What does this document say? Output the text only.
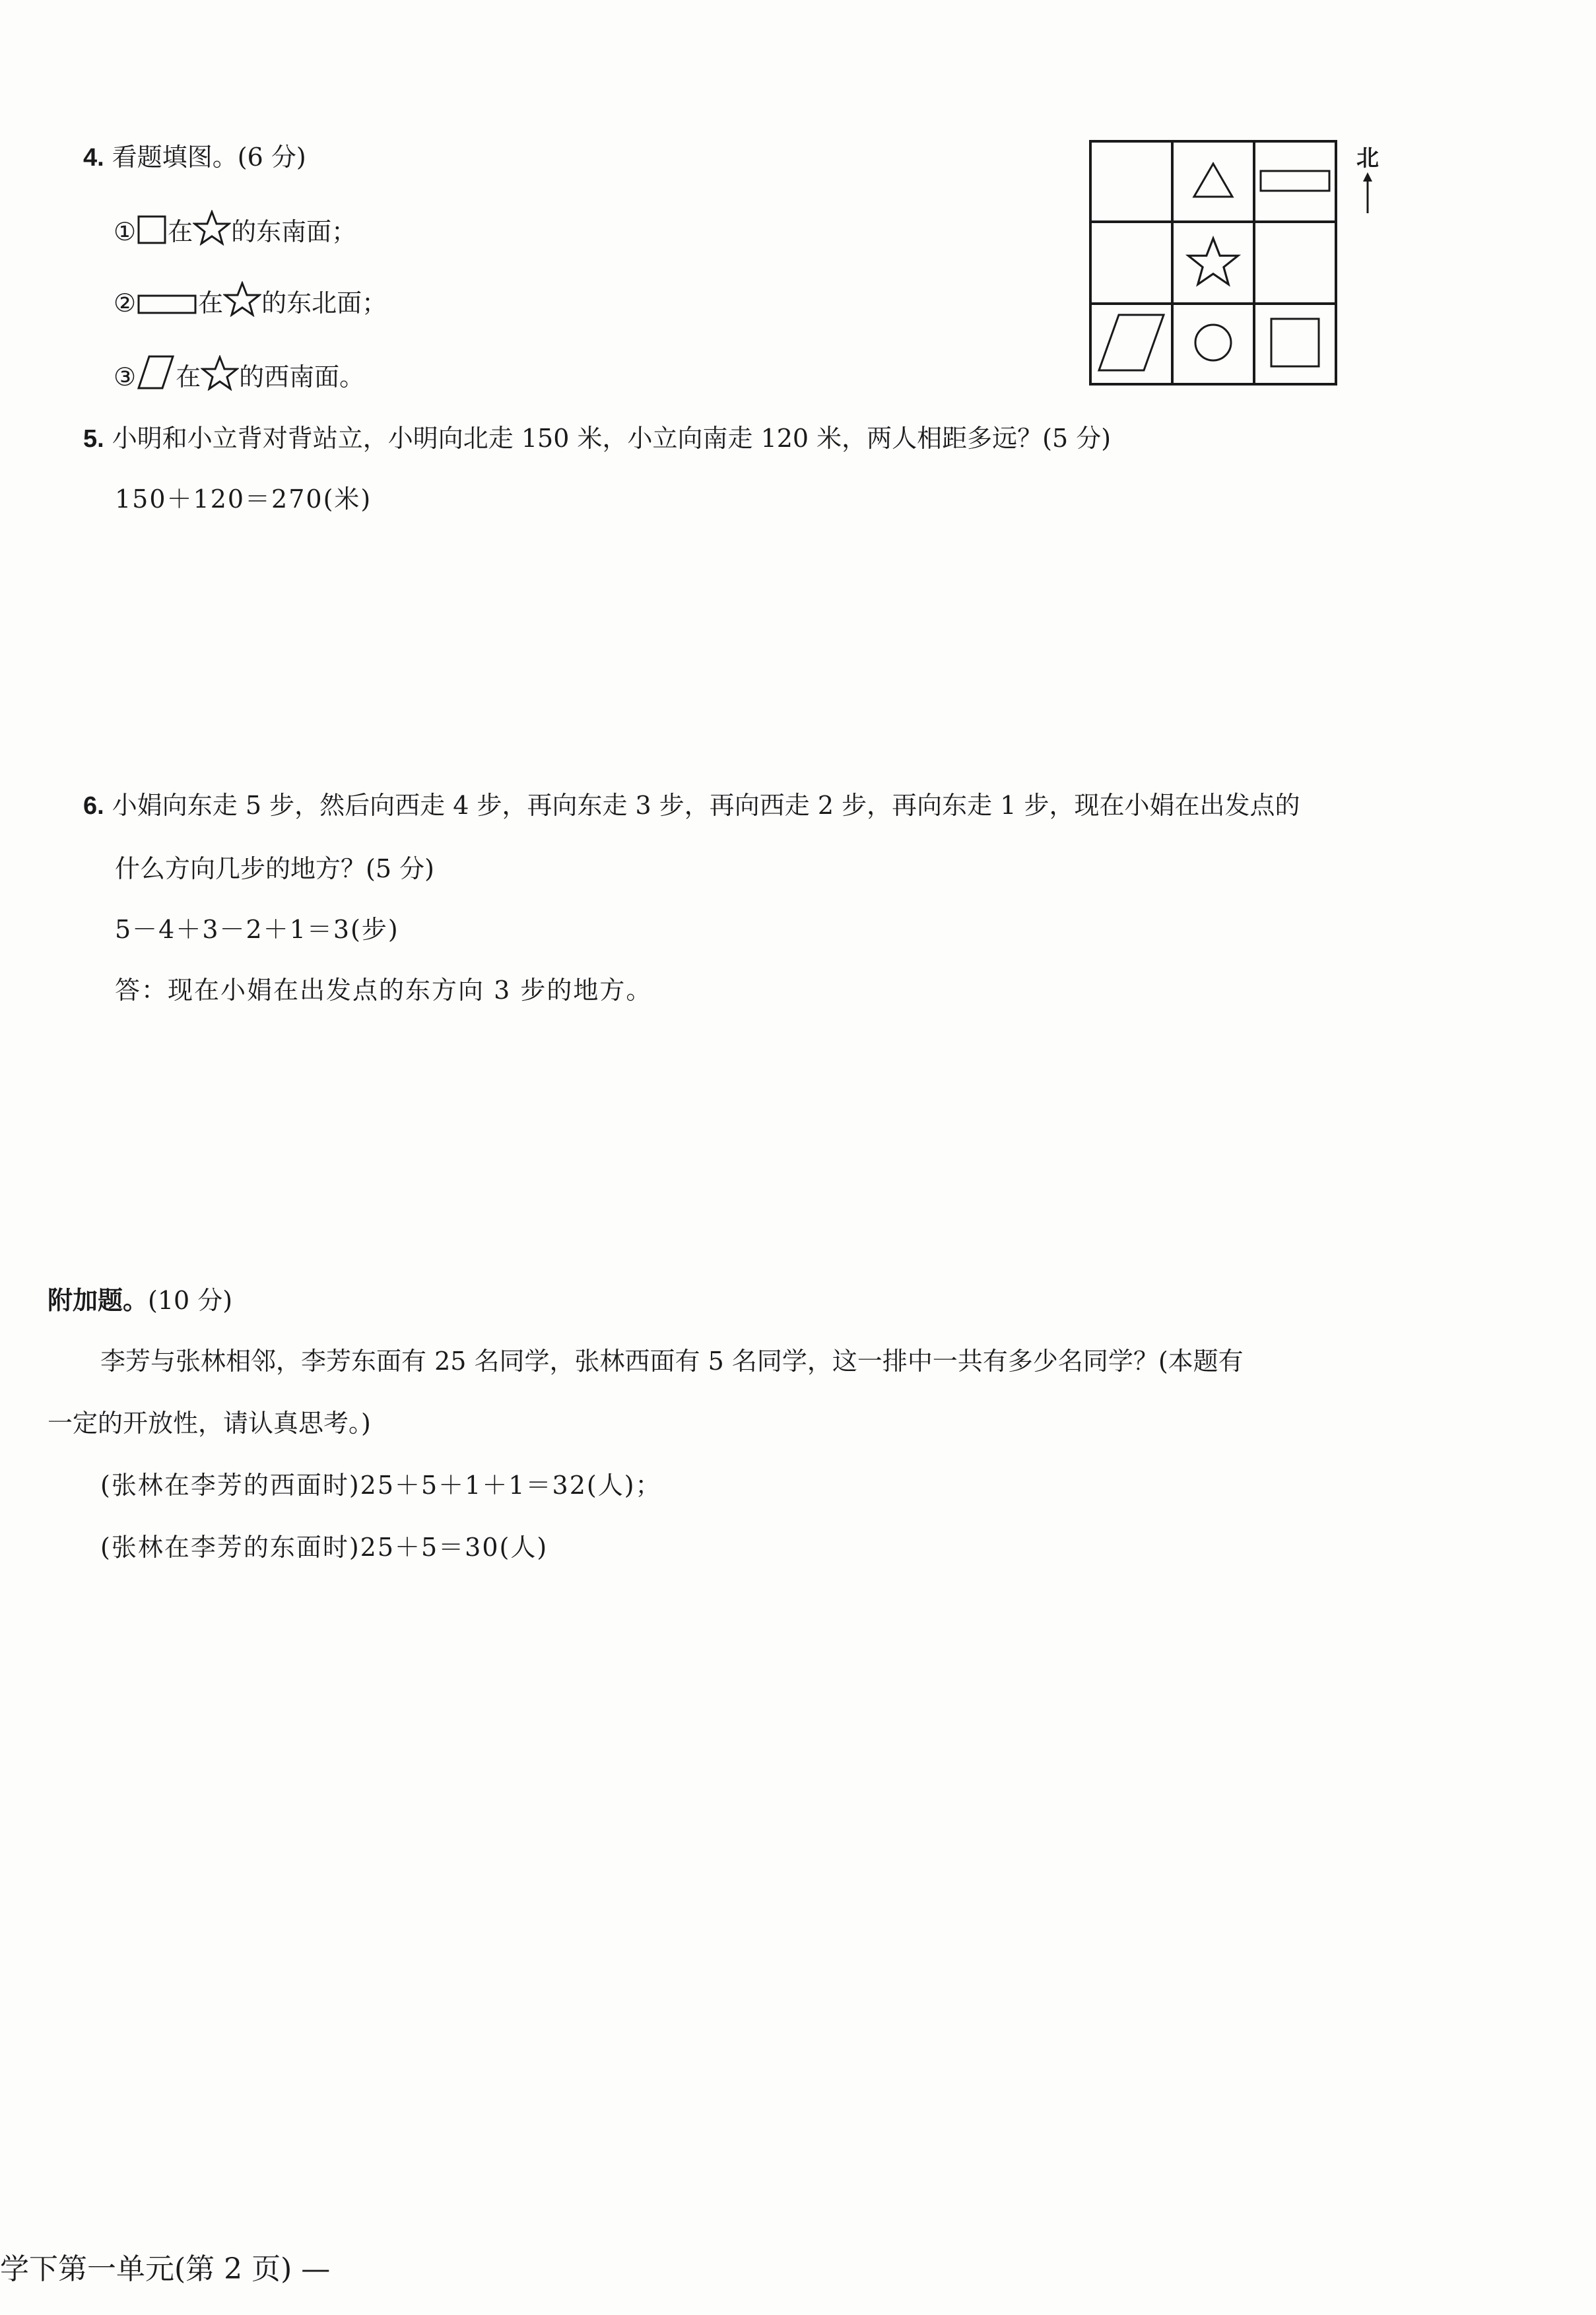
4. 看题填图。(6 分)
① 在 的东南面；
② 在 的东北面；
③ 在 的西南面。
北
5. 小明和小立背对背站立，小明向北走 150 米，小立向南走 120 米，两人相距多远？(5 分)
150＋120＝270(米)
6. 小娟向东走 5 步，然后向西走 4 步，再向东走 3 步，再向西走 2 步，再向东走 1 步，现在小娟在出发点的
什么方向几步的地方？(5 分)
5－4＋3－2＋1＝3(步)
答：现在小娟在出发点的东方向 3 步的地方。
附加题。(10 分)
李芳与张林相邻，李芳东面有 25 名同学，张林西面有 5 名同学，这一排中一共有多少名同学？(本题有
一定的开放性，请认真思考。)
(张林在李芳的西面时)25＋5＋1＋1＝32(人)；
(张林在李芳的东面时)25＋5＝30(人)
学下第一单元(第 2 页) —
